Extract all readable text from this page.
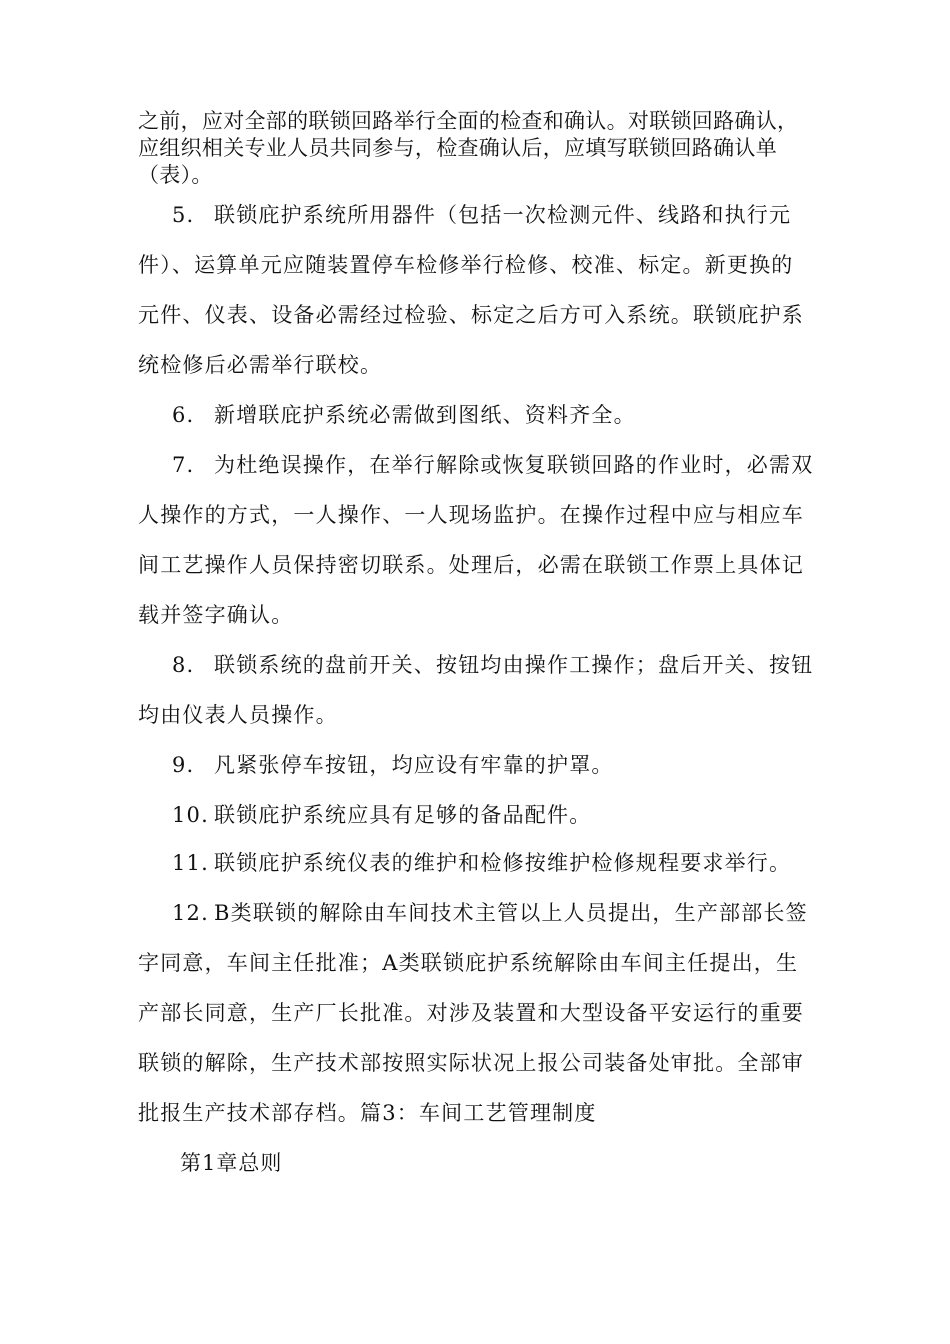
之前，应对全部的联锁回路举行全面的检查和确认。对联锁回路确认，
应组织相关专业人员共同参与，检查确认后，应填写联锁回路确认单
（表）。
5. 联锁庇护系统所用器件（包括一次检测元件、线路和执行元
件）、运算单元应随装置停车检修举行检修、校准、标定。新更换的
元件、仪表、设备必需经过检验、标定之后方可入系统。联锁庇护系
统检修后必需举行联校。
6. 新增联庇护系统必需做到图纸、资料齐全。
7. 为杜绝误操作，在举行解除或恢复联锁回路的作业时，必需双
人操作的方式，一人操作、一人现场监护。在操作过程中应与相应车
间工艺操作人员保持密切联系。处理后，必需在联锁工作票上具体记
载并签字确认。
8. 联锁系统的盘前开关、按钮均由操作工操作；盘后开关、按钮
均由仪表人员操作。
9. 凡紧张停车按钮，均应设有牢靠的护罩。
10. 联锁庇护系统应具有足够的备品配件。
11. 联锁庇护系统仪表的维护和检修按维护检修规程要求举行。
12. B类联锁的解除由车间技术主管以上人员提出，生产部部长签
字同意，车间主任批准；A类联锁庇护系统解除由车间主任提出，生
产部长同意，生产厂长批准。对涉及装置和大型设备平安运行的重要
联锁的解除，生产技术部按照实际状况上报公司装备处审批。全部审
批报生产技术部存档。篇3：车间工艺管理制度
第1章总则
